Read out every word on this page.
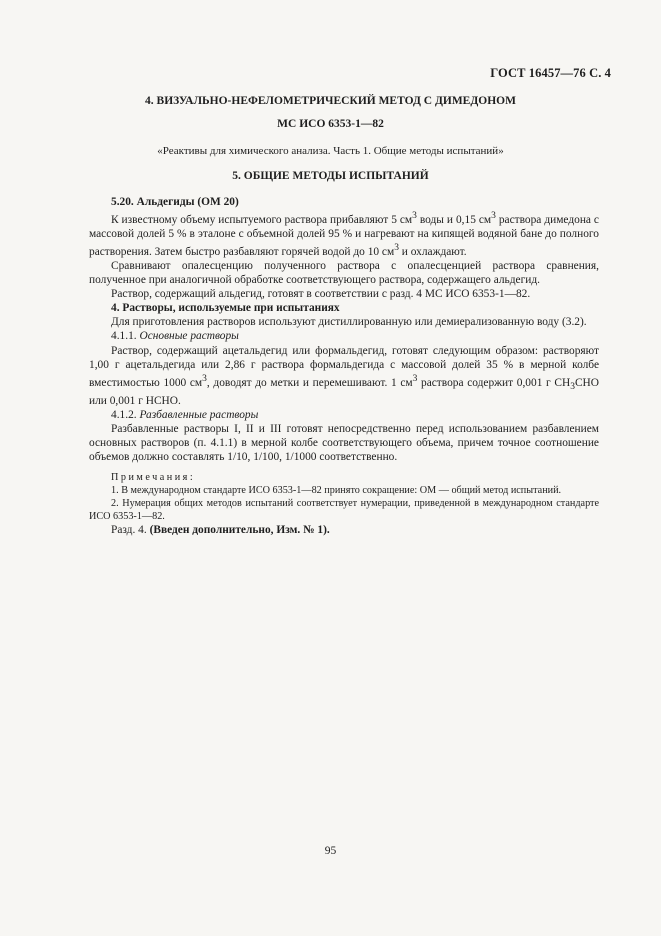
ГОСТ 16457—76 С. 4
4. ВИЗУАЛЬНО-НЕФЕЛОМЕТРИЧЕСКИЙ МЕТОД С ДИМЕДОНОМ
МС ИСО 6353-1—82
«Реактивы для химического анализа. Часть 1. Общие методы испытаний»
5. ОБЩИЕ МЕТОДЫ ИСПЫТАНИЙ

5.20. Альдегиды (ОМ 20)

К известному объему испытуемого раствора прибавляют 5 $см^3$ воды и 0,15 $см^3$ раствора димедона с массовой долей 5 % в эталоне с объемной долей 95 % и нагревают на кипящей водяной бане до полного растворения. Затем быстро разбавляют горячей водой до 10 $см^3$ и охлаждают.

Сравнивают опалесценцию полученного раствора с опалесценцией раствора сравнения, полученное при аналогичной обработке соответствующего раствора, содержащего альдегид.

Раствор, содержащий альдегид, готовят в соответствии с разд. 4 МС ИСО 6353-1—82.

4. Растворы, используемые при испытаниях

Для приготовления растворов используют дистиллированную или демиерализованную воду (3.2).

4.1.1. Основные растворы

Раствор, содержащий ацетальдегид или формальдегид, готовят следующим образом: растворяют 1,00 г ацетальдегида или 2,86 г раствора формальдегида с массовой долей 35 % в мерной колбе вместимостью 1000 $см^3$, доводят до метки и перемешивают. 1 $см^3$ раствора содержит 0,001 г $CH_3CHO$ или 0,001 г HCHO.

4.1.2. Разбавленные растворы

Разбавленные растворы I, II и III готовят непосредственно перед использованием разбавлением основных растворов (п. 4.1.1) в мерной колбе соответствующего объема, причем точное соотношение объемов должно составлять 1/10, 1/100, 1/1000 соответственно.

Примечания:

1. В международном стандарте ИСО 6353-1—82 принято сокращение: ОМ — общий метод испытаний.

2. Нумерация общих методов испытаний соответствует нумерации, приведенной в международном стандарте ИСО 6353-1—82.

Разд. 4. (Введен дополнительно, Изм. № 1).

95
